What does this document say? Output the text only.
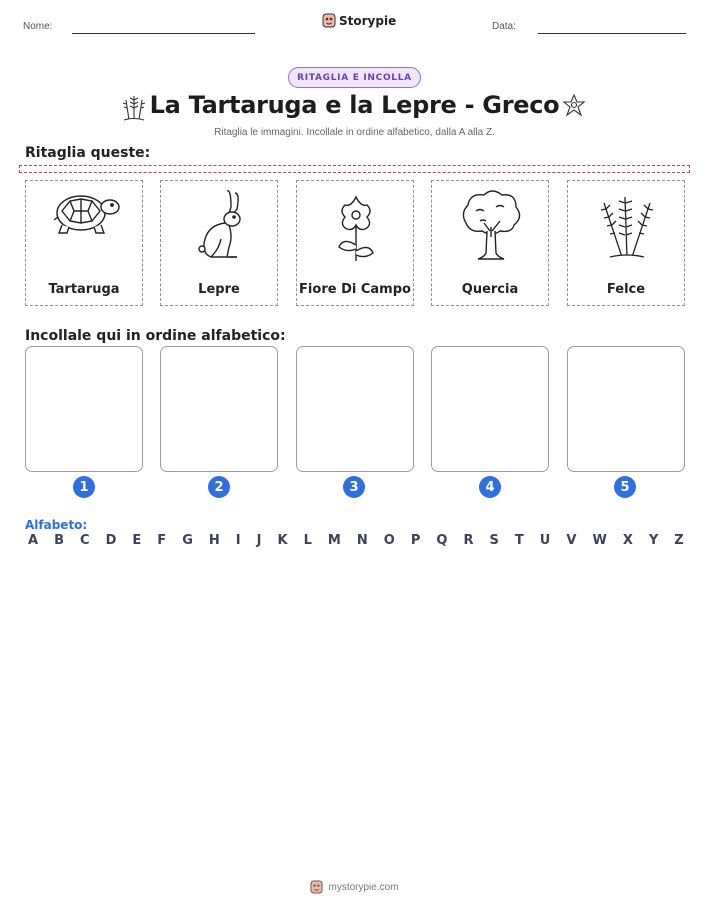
Nome:	Storypie	Data:
RITAGLIA E INCOLLA
La Tartaruga e la Lepre - Greco
Ritaglia le immagini. Incollale in ordine alfabetico, dalla A alla Z.
Ritaglia queste:
Tartaruga	Lepre	Fiore Di Campo	Quercia	Felce
Incollale qui in ordine alfabetico:
1	2	3	4	5
Alfabeto:
A B C D E F G H I J K L M N O P Q R S T U V W X Y Z
mystorypie.com
